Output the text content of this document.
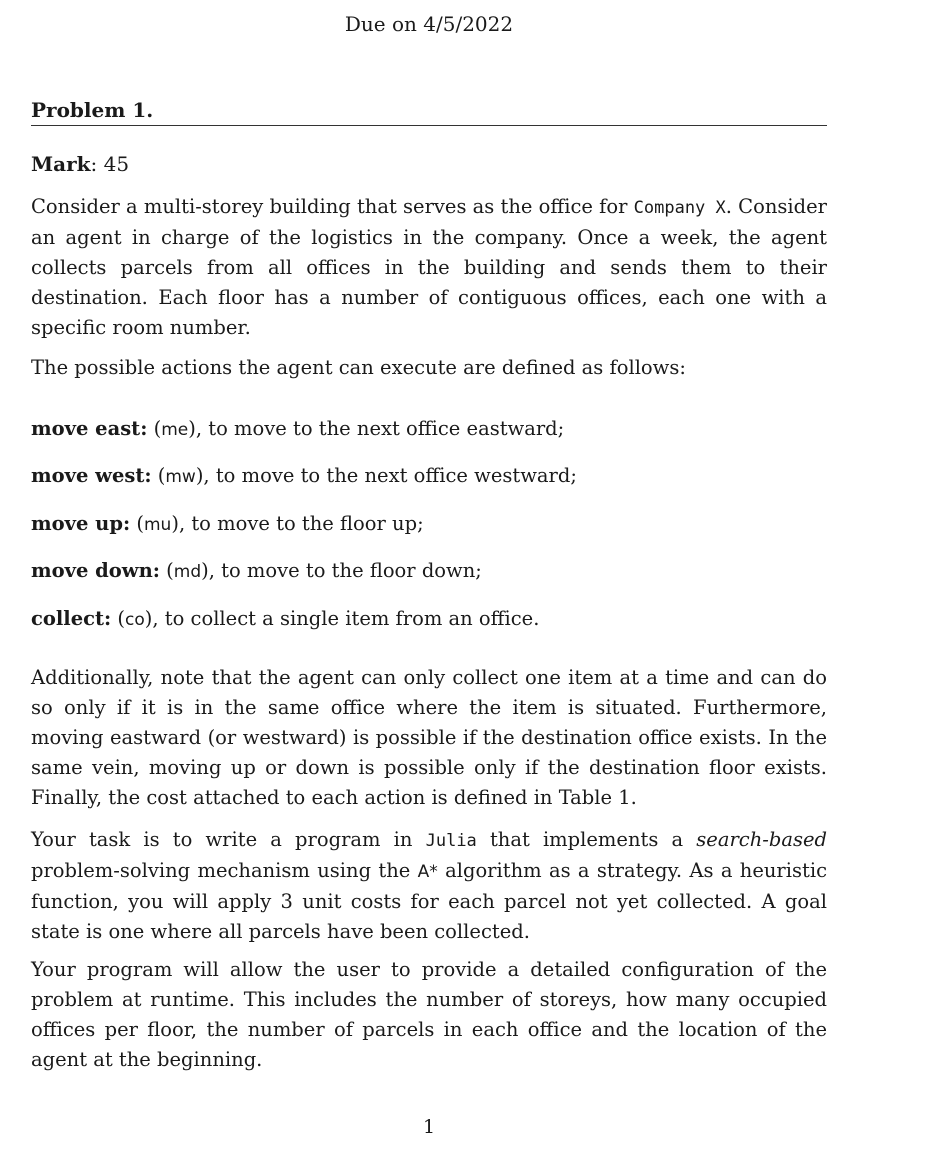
Due on 4/5/2022
Problem 1.
Mark: 45
Consider a multi-storey building that serves as the office for Company X. Consider an agent in charge of the logistics in the company. Once a week, the agent collects parcels from all offices in the building and sends them to their destination. Each floor has a number of contiguous offices, each one with a specific room number.
The possible actions the agent can execute are defined as follows:
move east: (me), to move to the next office eastward;
move west: (mw), to move to the next office westward;
move up: (mu), to move to the floor up;
move down: (md), to move to the floor down;
collect: (co), to collect a single item from an office.
Additionally, note that the agent can only collect one item at a time and can do so only if it is in the same office where the item is situated. Furthermore, moving eastward (or westward) is possible if the destination office exists. In the same vein, moving up or down is possible only if the destination floor exists. Finally, the cost attached to each action is defined in Table 1.
Your task is to write a program in Julia that implements a search-based problem-solving mechanism using the A* algorithm as a strategy. As a heuristic function, you will apply 3 unit costs for each parcel not yet collected. A goal state is one where all parcels have been collected.
Your program will allow the user to provide a detailed configuration of the problem at runtime. This includes the number of storeys, how many occupied offices per floor, the number of parcels in each office and the location of the agent at the beginning.
1
